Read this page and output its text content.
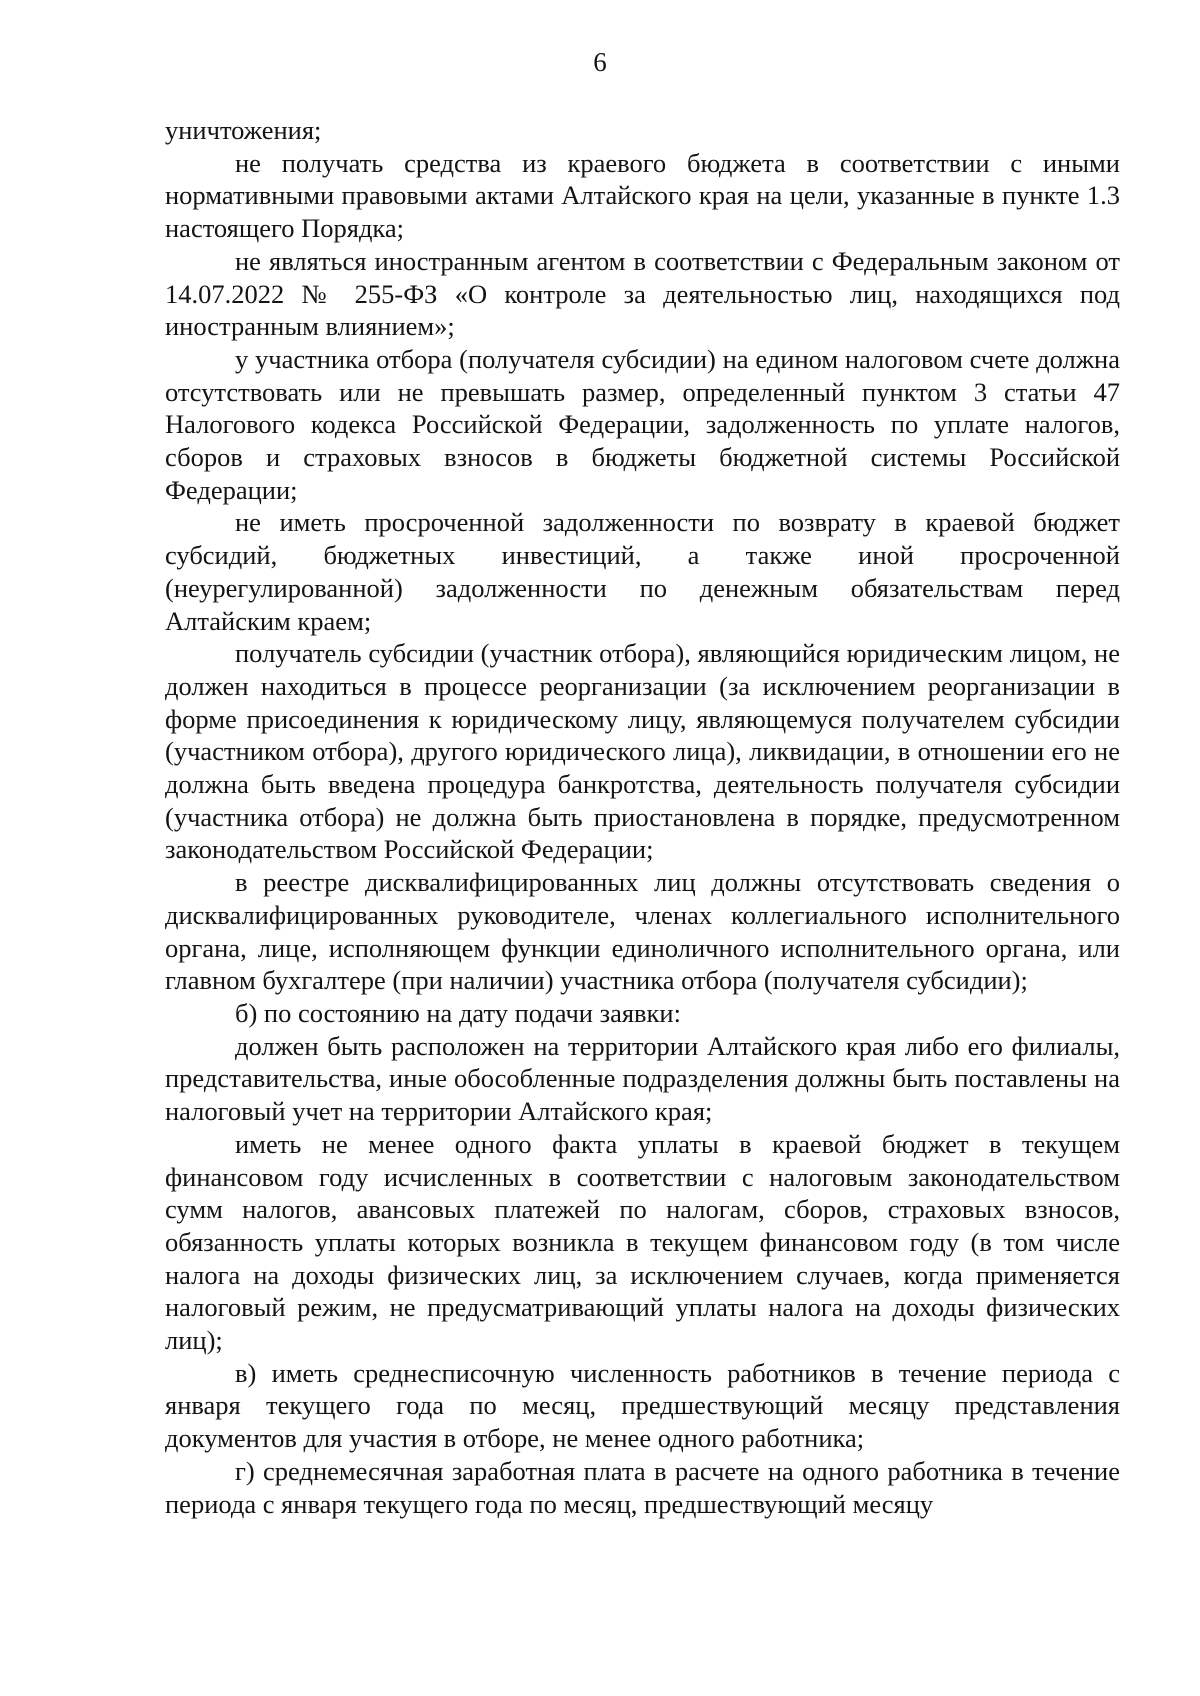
6

уничтожения;

не получать средства из краевого бюджета в соответствии с иными нормативными правовыми актами Алтайского края на цели, указанные в пункте 1.3 настоящего Порядка;

не являться иностранным агентом в соответствии с Федеральным законом от 14.07.2022 № 255-ФЗ «О контроле за деятельностью лиц, находящихся под иностранным влиянием»;

у участника отбора (получателя субсидии) на едином налоговом счете должна отсутствовать или не превышать размер, определенный пунктом 3 статьи 47 Налогового кодекса Российской Федерации, задолженность по уплате налогов, сборов и страховых взносов в бюджеты бюджетной системы Российской Федерации;

не иметь просроченной задолженности по возврату в краевой бюджет субсидий, бюджетных инвестиций, а также иной просроченной (неурегулированной) задолженности по денежным обязательствам перед Алтайским краем;

получатель субсидии (участник отбора), являющийся юридическим лицом, не должен находиться в процессе реорганизации (за исключением реорганизации в форме присоединения к юридическому лицу, являющемуся получателем субсидии (участником отбора), другого юридического лица), ликвидации, в отношении его не должна быть введена процедура банкротства, деятельность получателя субсидии (участника отбора) не должна быть приостановлена в порядке, предусмотренном законодательством Российской Федерации;

в реестре дисквалифицированных лиц должны отсутствовать сведения о дисквалифицированных руководителе, членах коллегиального исполнительного органа, лице, исполняющем функции единоличного исполнительного органа, или главном бухгалтере (при наличии) участника отбора (получателя субсидии);

б) по состоянию на дату подачи заявки:

должен быть расположен на территории Алтайского края либо его филиалы, представительства, иные обособленные подразделения должны быть поставлены на налоговый учет на территории Алтайского края;

иметь не менее одного факта уплаты в краевой бюджет в текущем финансовом году исчисленных в соответствии с налоговым законодательством сумм налогов, авансовых платежей по налогам, сборов, страховых взносов, обязанность уплаты которых возникла в текущем финансовом году (в том числе налога на доходы физических лиц, за исключением случаев, когда применяется налоговый режим, не предусматривающий уплаты налога на доходы физических лиц);

в) иметь среднесписочную численность работников в течение периода с января текущего года по месяц, предшествующий месяцу представления документов для участия в отборе, не менее одного работника;

г) среднемесячная заработная плата в расчете на одного работника в течение периода с января текущего года по месяц, предшествующий месяцу
